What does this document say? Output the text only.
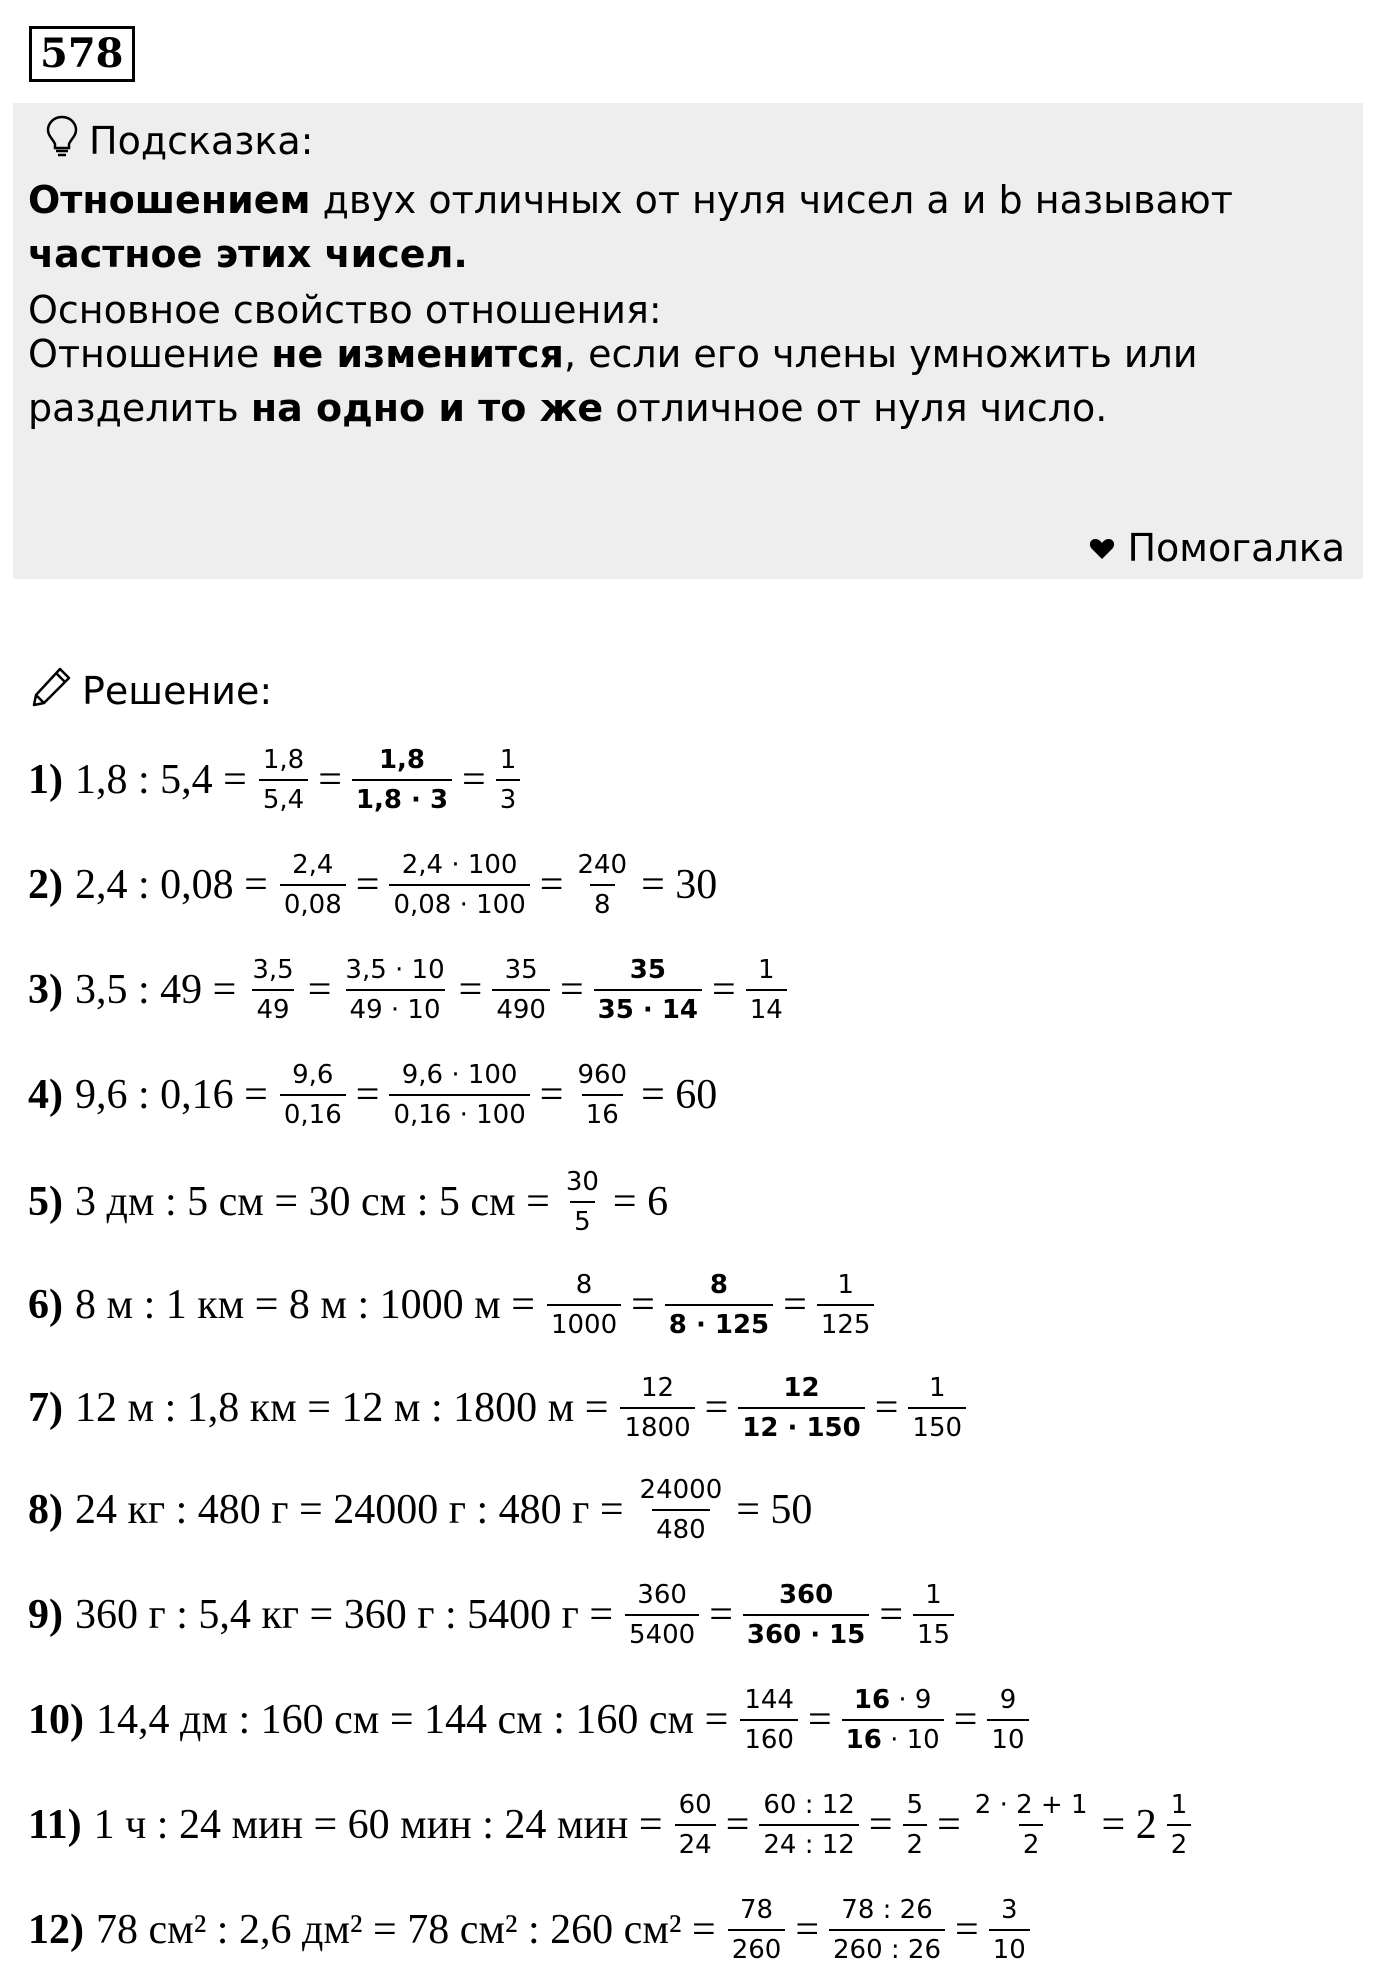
578
Подсказка:
Отношением двух отличных от нуля чисел a и b называют частное этих чисел.
Основное свойство отношения:
Отношение не изменится, если его члены умножить или разделить на одно и то же отличное от нуля число.
Помогалка
Решение:
1) 1,8 : $5,4 = \frac{1,8}{5,4} = \frac{1,8}{1,8 \cdot 3} = \frac{1}{3}$
2) 2,4 : $0,08 = \frac{2,4}{0,08} = \frac{2,4 \cdot 100}{0,08 \cdot 100} = \frac{240}{8} = 30$
3) 3,5 : $49 = \frac{3,5}{49} = \frac{3,5 \cdot 10}{49 \cdot 10} = \frac{35}{490} = \frac{35}{35 \cdot 14} = \frac{1}{14}$
4) 9,6 : $0,16 = \frac{9,6}{0,16} = \frac{9,6 \cdot 100}{0,16 \cdot 100} = \frac{960}{16} = 60$
5) 3 дм : 5 см = 30 см : 5 см = $\frac{30}{5} = 6$
6) 8 м : 1 км = 8 м : 1000 $м = \frac{8}{1000} = \frac{8}{8 \cdot 125} = \frac{1}{125}$
7) 12 м : 1,8 км = 12 м : 1800 $м = \frac{12}{1800} = \frac{12}{12 \cdot 150} = \frac{1}{150}$
8) 24 кг : 480 г = 24000 г : 480 $г = \frac{24000}{480} = 50$
9) 360 г : 5,4 кг = 360 г : 5400 $г = \frac{360}{5400} = \frac{360}{360 \cdot 15} = \frac{1}{15}$
10) 14,4 дм : 160 см = 144 см : 160 см = $\frac{144}{160} = \frac{16 \cdot 9}{16 \cdot 10} = \frac{9}{10}$
11) 1 ч : 24 мин = 60 мин : 24 мин = $\frac{60}{24} = \frac{60 : 12}{24 : 12} = \frac{5}{2} = \frac{2 \cdot 2 + 1}{2} = 2 \frac{1}{2}$
12) 78 см² : 2,6 дм² = 78 см² : 260 $см^2 = \frac{78}{260} = \frac{78 : 26}{260 : 26} = \frac{3}{10}$
